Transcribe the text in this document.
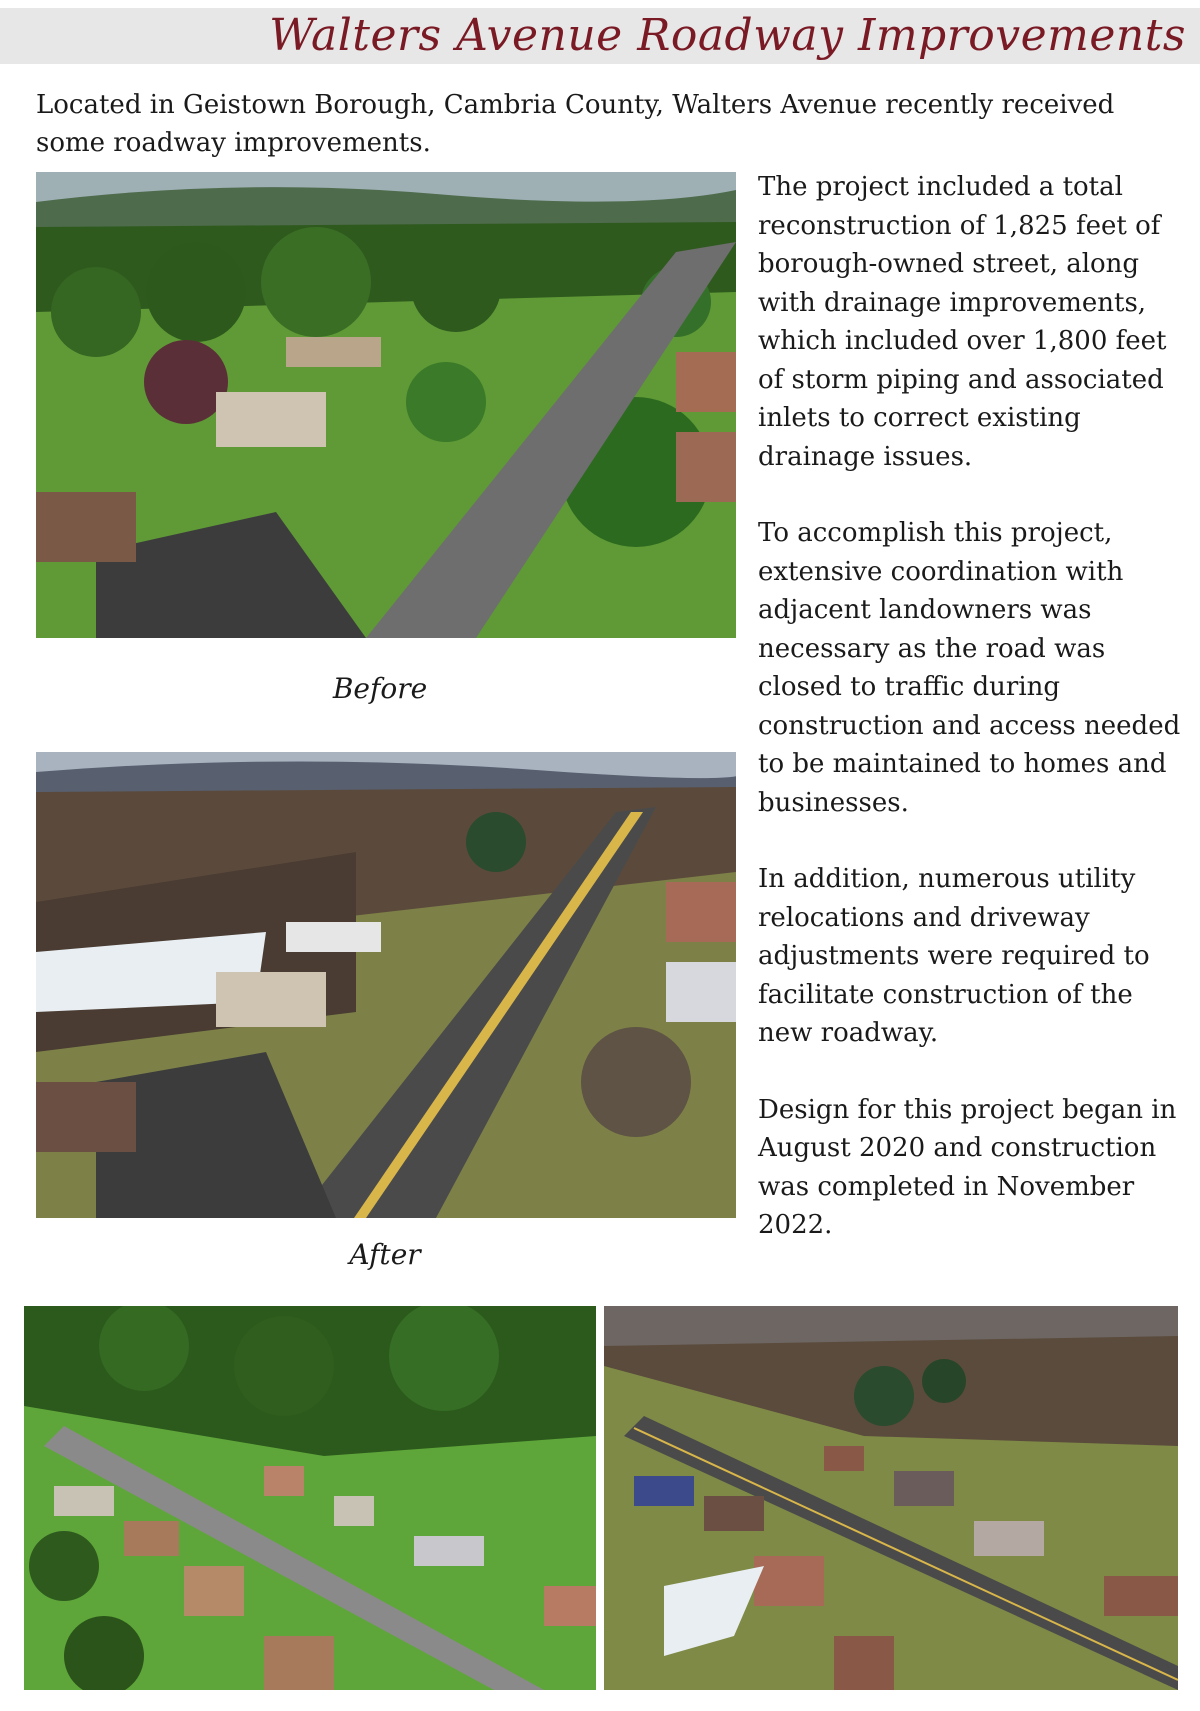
Walters Avenue Roadway Improvements
Located in Geistown Borough, Cambria County, Walters Avenue recently received some roadway improvements.
Before
After

The project included a total reconstruction of 1,825 feet of borough-owned street, along with drainage improvements, which included over 1,800 feet of storm piping and associated inlets to correct existing drainage issues.

To accomplish this project, extensive coordination with adjacent landowners was necessary as the road was closed to traffic during construction and access needed to be maintained to homes and businesses.

In addition, numerous utility relocations and driveway adjustments were required to facilitate construction of the new roadway.

Design for this project began in August 2020 and construction was completed in November 2022.
